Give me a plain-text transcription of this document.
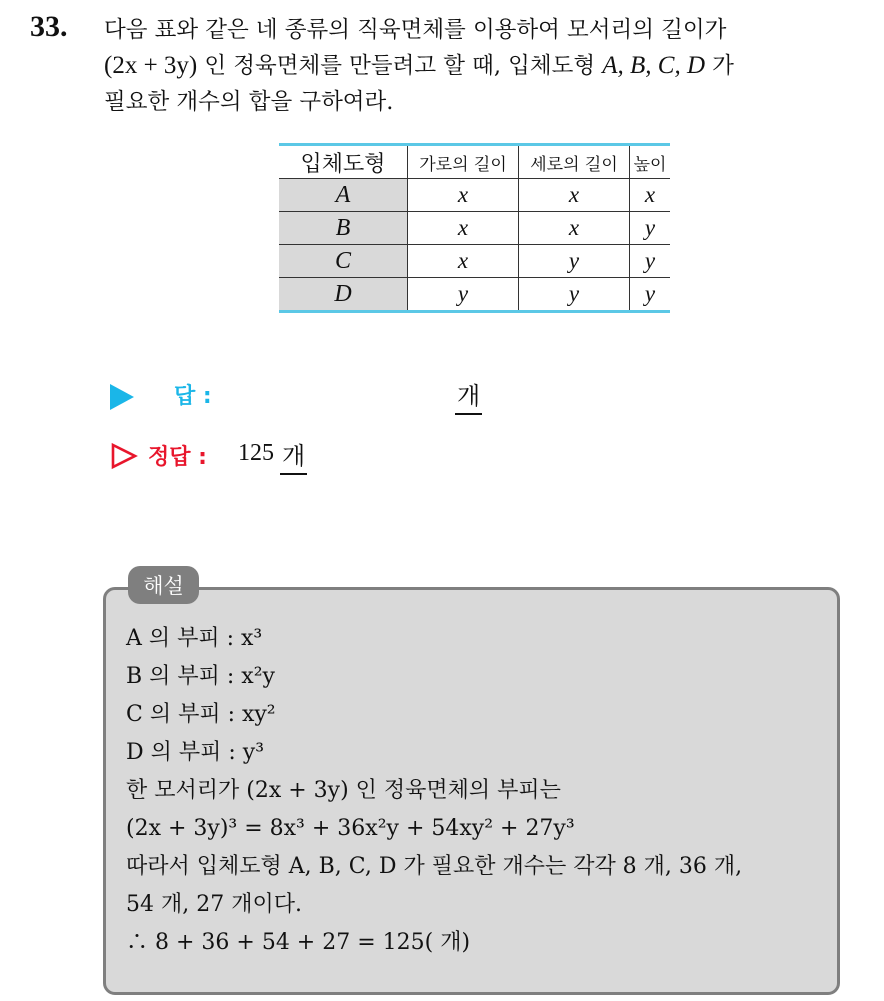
33. 다음 표와 같은 네 종류의 직육면체를 이용하여 모서리의 길이가
(2x + 3y) 인 정육면체를 만들려고 할 때, 입체도형 A, B, C, D 가
필요한 개수의 합을 구하여라.
입체도형	가로의 길이	세로의 길이	높이
A	x	x	x
B	x	x	y
C	x	y	y
D	y	y	y
답 :	개
정답 : 125 개
해설
A 의 부피 : x³
B 의 부피 : x²y
C 의 부피 : xy²
D 의 부피 : y³
한 모서리가 (2x + 3y) 인 정육면체의 부피는
(2x + 3y)³ = 8x³ + 36x²y + 54xy² + 27y³
따라서 입체도형 A, B, C, D 가 필요한 개수는 각각 8 개, 36 개,
54 개, 27 개이다.
∴ 8 + 36 + 54 + 27 = 125( 개)
